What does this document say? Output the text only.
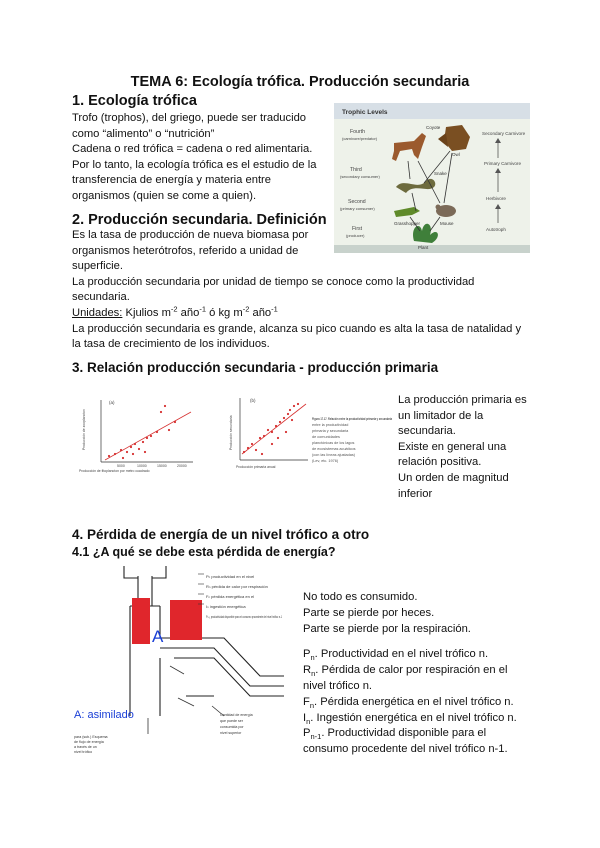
TEMA 6: Ecología trófica. Producción secundaria
1. Ecología trófica
Trofo (trophos), del griego, puede ser traducido
como “alimento” o “nutrición”
Cadena o red trófica = cadena o red alimentaria.
Por lo tanto, la ecología trófica es el estudio de la
transferencia de energía y materia entre
organismos (quien se come a quien).
Trophic Levels
Fourth
(carnivore/predator)
Third
(secondary consumer)
Second
(primary consumer)
First
(producer)
Secondary Carnivore
Primary Carnivore
Herbivore
Autotroph
Coyote
Owl
Snake
Grasshopper	Mouse
Plant
2. Producción secundaria. Definición
Es la tasa de producción de nueva biomasa por
organismos heterótrofos, referido a unidad de
superficie.
La producción secundaria por unidad de tiempo se conoce como la productividad
secundaria.
Unidades: Kjulios $m^{-2}$ año$^{-1}$ ó kg $m^{-2}$ año$^{-1}$
La producción secundaria es grande, alcanza su pico cuando es alta la tasa de natalidad y
la tasa de crecimiento de los individuos.
3. Relación producción secundaria - producción primaria
(a)
5000	10000	15000	20000
Producción de fitoplancton por metro cuadrado
Producción de zooplancton
(b)
Producción primaria anual
Producción secundaria	Figura 17.17. Relación entre la productividad primaria y secundaria
entre la productividad
primaria y secundaria
de comunidades
planctónicas de los lagos
de ecosistemas acuáticos
(con las líneas ajustadas)
(Lev, etc. 1976)
La producción primaria es
un limitador de la
secundaria.
Existe en general una
relación positiva.
Un orden de magnitud
inferior
4. Pérdida de energía de un nivel trófico a otro
4.1 ¿A qué se debe esta pérdida de energía?
A
A: asimilado
Pₙ productividad en el nivel
Rₙ pérdida de calor por respiración
Fₙ pérdida energética en el
Iₙ ingestión energética
Pₙ₋₁ productividad disponible para el consumo procedente del nivel trófico n-1
Cantidad de energía
que puede ser
consumida por
nivel superior
para (sub.) Esquema
de flujo de energía
a través de un
nivel trófico
No todo es consumido.
Parte se pierde por heces.
Parte se pierde por la respiración.
$P_n$. Productividad en el nivel trófico n.
$R_n$. Pérdida de calor por respiración en el
nivel trófico n.
$F_n$. Pérdida energética en el nivel trófico n.
$I_n$. Ingestión energética en el nivel trófico n.
$P_{n-1}$. Productividad disponible para el
consumo procedente del nivel trófico n-1.
